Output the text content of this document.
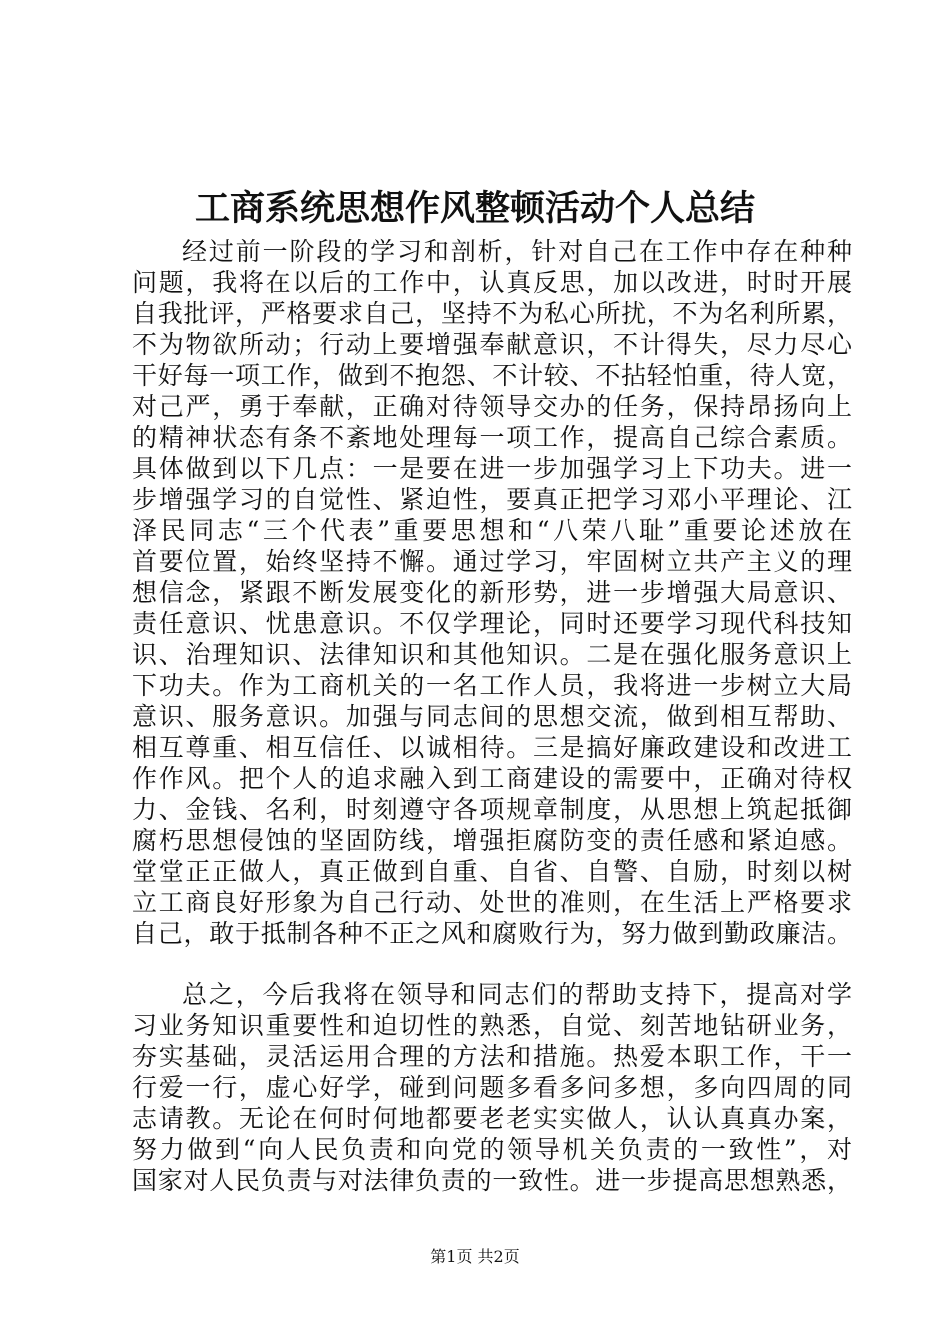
工商系统思想作风整顿活动个人总结
经过前一阶段的学习和剖析，针对自己在工作中存在种种
问题，我将在以后的工作中，认真反思，加以改进，时时开展
自我批评，严格要求自己，坚持不为私心所扰，不为名利所累，
不为物欲所动；行动上要增强奉献意识，不计得失，尽力尽心
干好每一项工作，做到不抱怨、不计较、不拈轻怕重，待人宽，
对己严，勇于奉献，正确对待领导交办的任务，保持昂扬向上
的精神状态有条不紊地处理每一项工作，提高自己综合素质。
具体做到以下几点：一是要在进一步加强学习上下功夫。进一
步增强学习的自觉性、紧迫性，要真正把学习邓小平理论、江
泽民同志“三个代表”重要思想和“八荣八耻”重要论述放在
首要位置，始终坚持不懈。通过学习，牢固树立共产主义的理
想信念，紧跟不断发展变化的新形势，进一步增强大局意识、
责任意识、忧患意识。不仅学理论，同时还要学习现代科技知
识、治理知识、法律知识和其他知识。二是在强化服务意识上
下功夫。作为工商机关的一名工作人员，我将进一步树立大局
意识、服务意识。加强与同志间的思想交流，做到相互帮助、
相互尊重、相互信任、以诚相待。三是搞好廉政建设和改进工
作作风。把个人的追求融入到工商建设的需要中，正确对待权
力、金钱、名利，时刻遵守各项规章制度，从思想上筑起抵御
腐朽思想侵蚀的坚固防线，增强拒腐防变的责任感和紧迫感。
堂堂正正做人，真正做到自重、自省、自警、自励，时刻以树
立工商良好形象为自己行动、处世的准则，在生活上严格要求
自己，敢于抵制各种不正之风和腐败行为，努力做到勤政廉洁。
总之，今后我将在领导和同志们的帮助支持下，提高对学
习业务知识重要性和迫切性的熟悉，自觉、刻苦地钻研业务，
夯实基础，灵活运用合理的方法和措施。热爱本职工作，干一
行爱一行，虚心好学，碰到问题多看多问多想，多向四周的同
志请教。无论在何时何地都要老老实实做人，认认真真办案，
努力做到“向人民负责和向党的领导机关负责的一致性”，对
国家对人民负责与对法律负责的一致性。进一步提高思想熟悉，
第1页 共2页
